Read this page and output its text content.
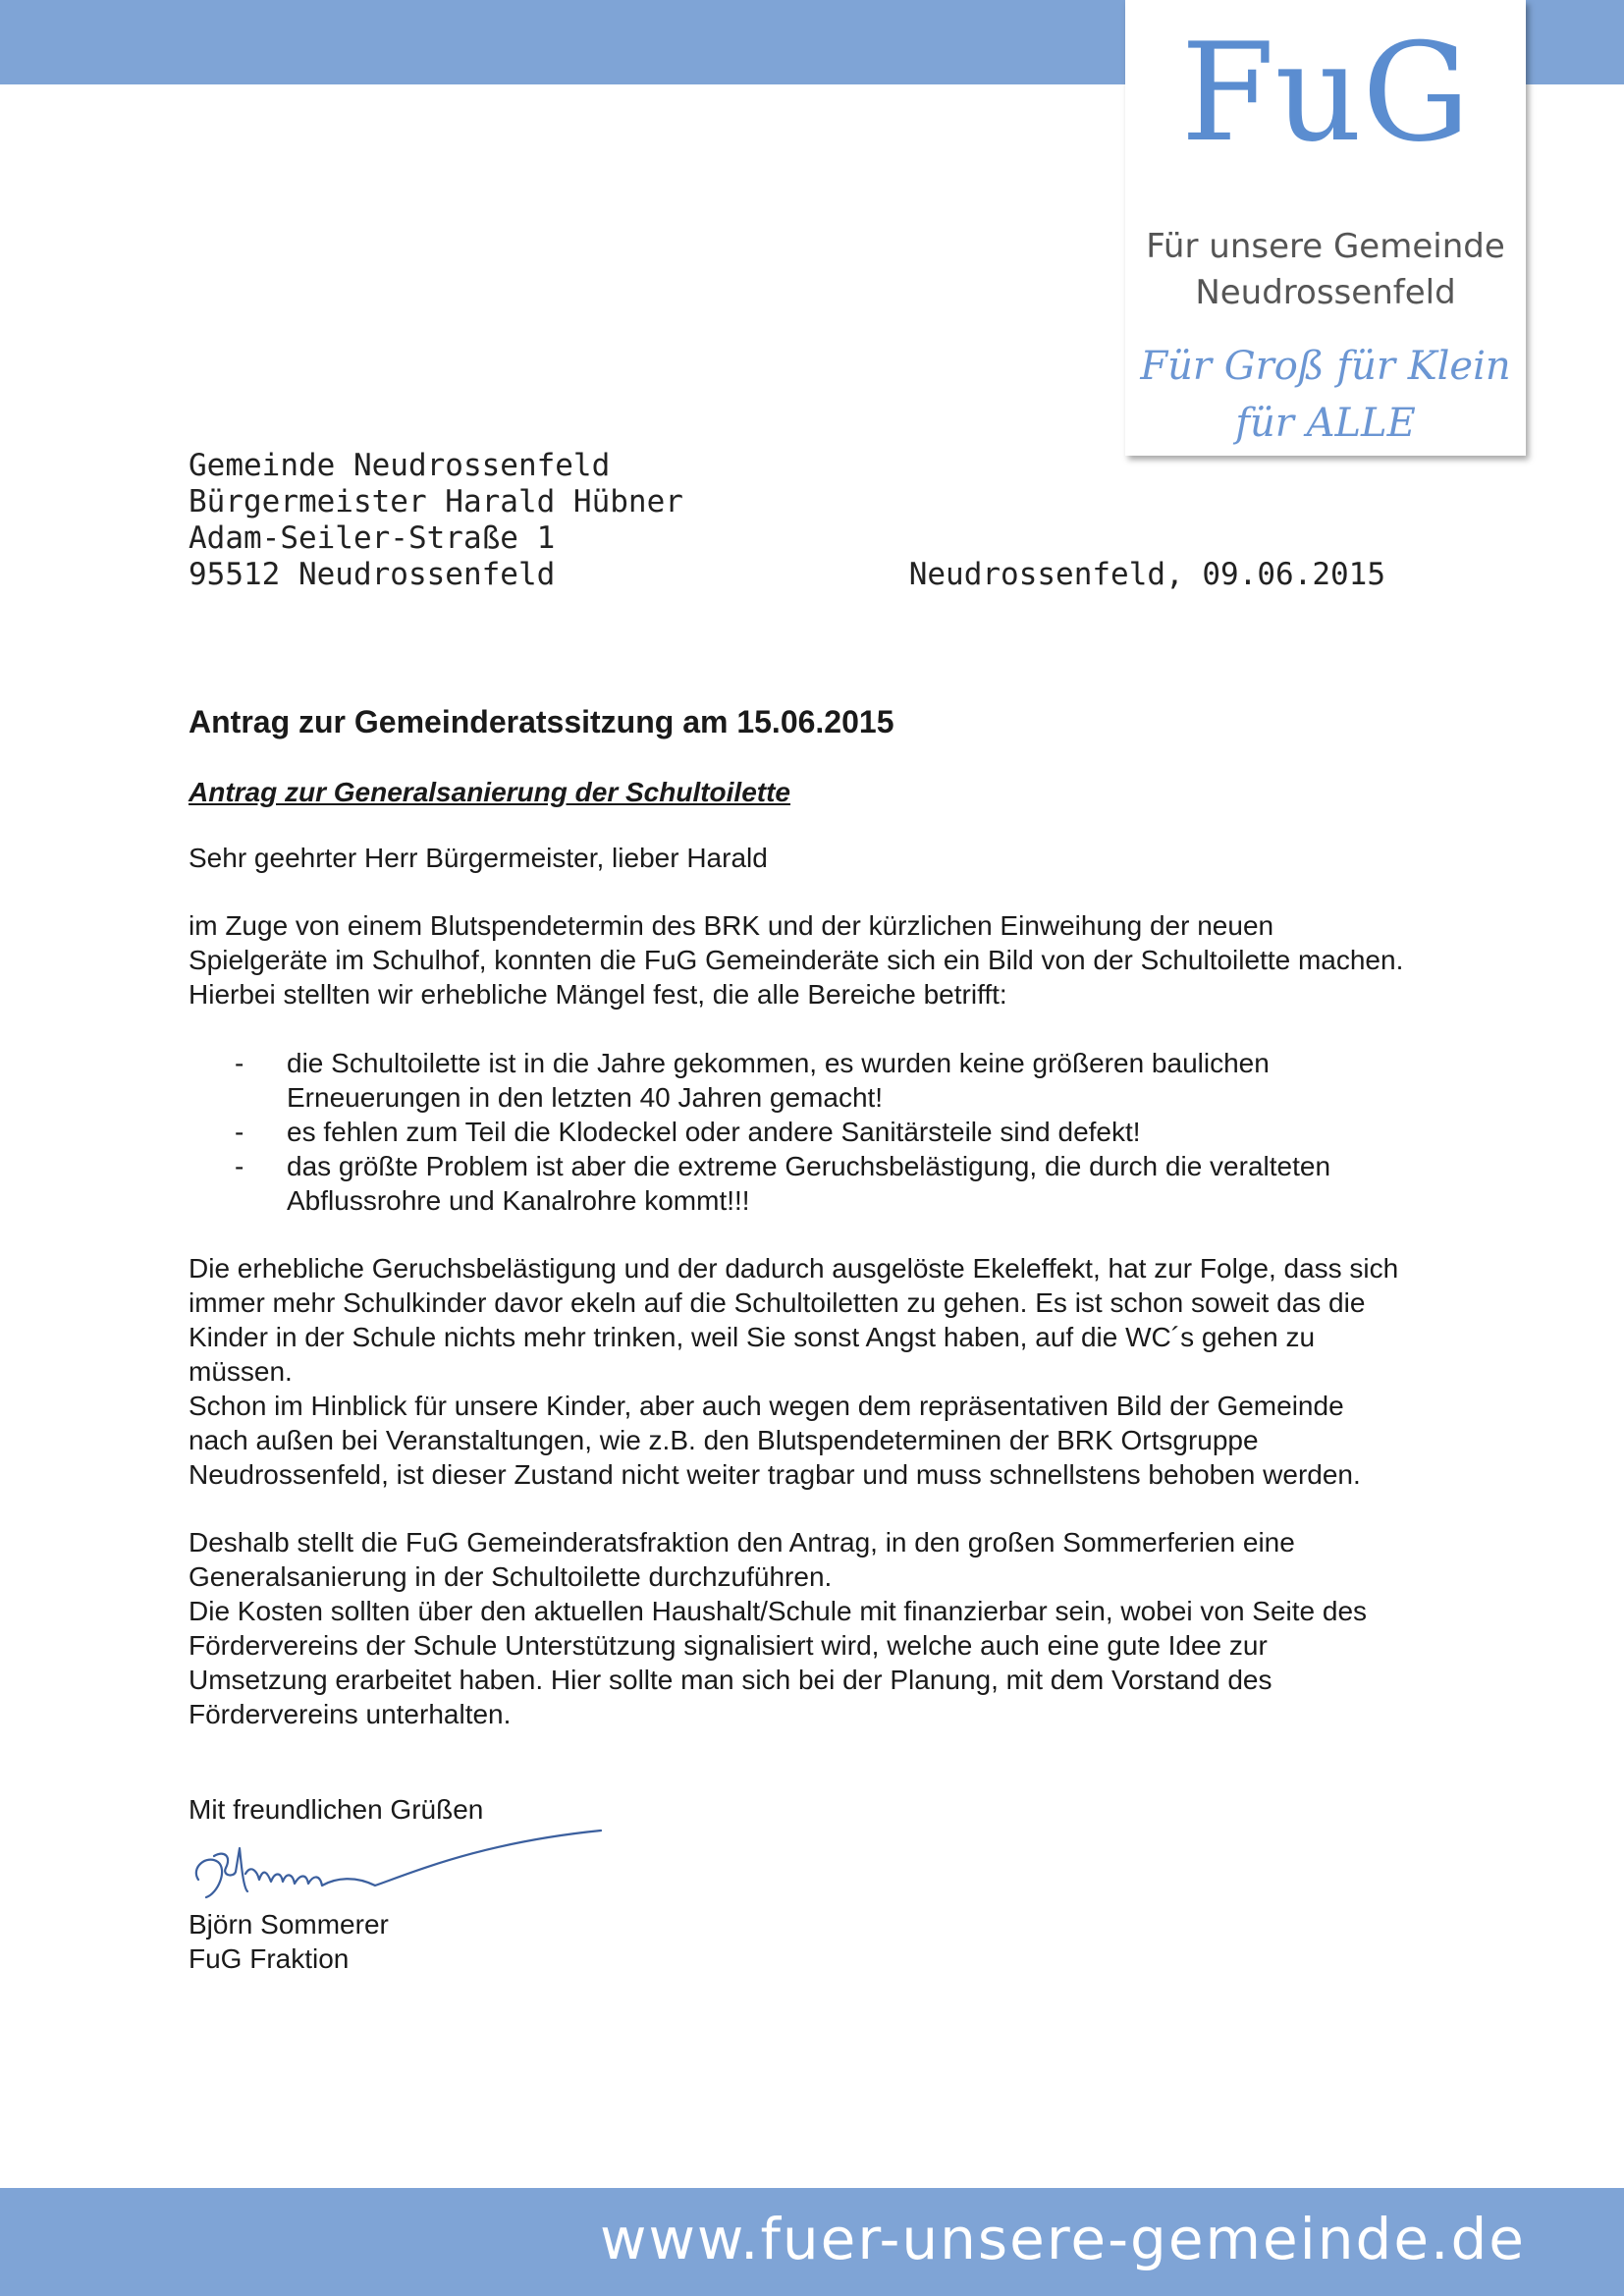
FuG
Für unsere Gemeinde
Neudrossenfeld
Für Groß für Klein
für ALLE
Gemeinde Neudrossenfeld
Bürgermeister Harald Hübner
Adam-Seiler-Straße 1
95512 Neudrossenfeld	Neudrossenfeld, 09.06.2015

Antrag zur Gemeinderatssitzung am 15.06.2015

Antrag zur Generalsanierung der Schultoilette

Sehr geehrter Herr Bürgermeister, lieber Harald

im Zuge von einem Blutspendetermin des BRK und der kürzlichen Einweihung der neuen Spielgeräte im Schulhof, konnten die FuG Gemeinderäte sich ein Bild von der Schultoilette machen. Hierbei stellten wir erhebliche Mängel fest, die alle Bereiche betrifft:

- die Schultoilette ist in die Jahre gekommen, es wurden keine größeren baulichen Erneuerungen in den letzten 40 Jahren gemacht!
- es fehlen zum Teil die Klodeckel oder andere Sanitärsteile sind defekt!
- das größte Problem ist aber die extreme Geruchsbelästigung, die durch die veralteten Abflussrohre und Kanalrohre kommt!!!

Die erhebliche Geruchsbelästigung und der dadurch ausgelöste Ekeleffekt, hat zur Folge, dass sich immer mehr Schulkinder davor ekeln auf die Schultoiletten zu gehen. Es ist schon soweit das die Kinder in der Schule nichts mehr trinken, weil Sie sonst Angst haben, auf die WC´s gehen zu müssen.

Schon im Hinblick für unsere Kinder, aber auch wegen dem repräsentativen Bild der Gemeinde nach außen bei Veranstaltungen, wie z.B. den Blutspendeterminen der BRK Ortsgruppe Neudrossenfeld, ist dieser Zustand nicht weiter tragbar und muss schnellstens behoben werden.

Deshalb stellt die FuG Gemeinderatsfraktion den Antrag, in den großen Sommerferien eine Generalsanierung in der Schultoilette durchzuführen.

Die Kosten sollten über den aktuellen Haushalt/Schule mit finanzierbar sein, wobei von Seite des Fördervereins der Schule Unterstützung signalisiert wird, welche auch eine gute Idee zur Umsetzung erarbeitet haben. Hier sollte man sich bei der Planung, mit dem Vorstand des Fördervereins unterhalten.

Mit freundlichen Grüßen

Björn Sommerer

FuG Fraktion

www.fuer-unsere-gemeinde.de
